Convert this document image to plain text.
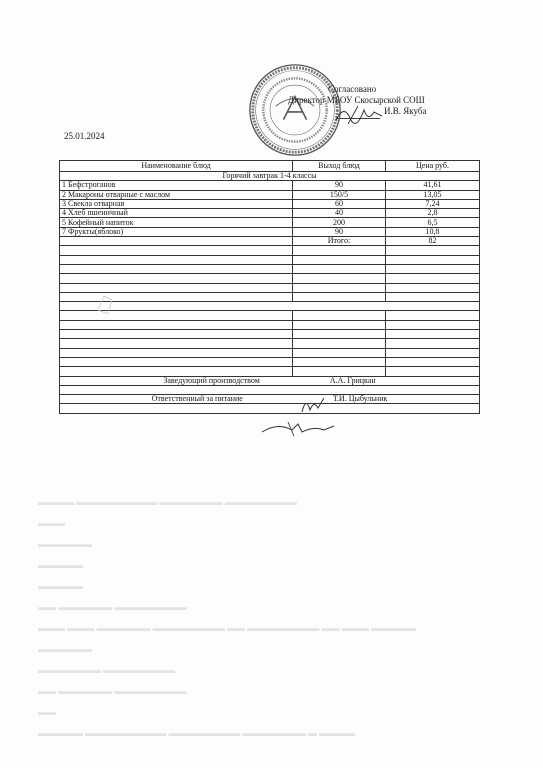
Согласовано
Директор МБОУ Скосырской СОШ
И.В. Якуба
25.01.2024
Наименование блюд	Выход блюд	Цена руб.
Горячий завтрак 1-4 классы		
1 Бефстроганов	90	41,61
2 Макароны отварные с маслом	150/5	13,05
3 Свекла отварная	60	7,24
4 Хлеб пшеничный	40	2,8
5 Кофейный напиток	200	6,5
7 Фрукты(яблоко)	90	10,8
	Итого:	82

Заведующий производством А.А. Грицкан		

Ответственный за питание Т.И. Цыбульник		

▬▬▬▬ ▬▬▬▬▬▬▬▬▬ ▬▬▬▬▬▬▬ ▬▬▬▬▬▬▬▬
▬▬▬
▬▬▬▬▬▬
▬▬▬▬▬
▬▬▬▬▬
▬▬ ▬▬▬▬▬▬ ▬▬▬▬▬▬▬▬
▬▬▬ ▬▬▬ ▬▬▬▬▬▬ ▬▬▬▬▬▬▬▬ ▬▬ ▬▬▬▬▬▬▬▬ ▬▬ ▬▬▬ ▬▬▬▬▬
▬▬▬▬▬▬
▬▬▬▬▬▬▬ ▬▬▬▬▬▬▬▬
▬▬ ▬▬▬▬▬▬ ▬▬▬▬▬▬▬▬
▬▬
▬▬▬▬▬ ▬▬▬▬▬▬▬▬▬ ▬▬▬▬▬▬▬▬ ▬▬▬▬▬▬▬ ▬ ▬▬▬▬
